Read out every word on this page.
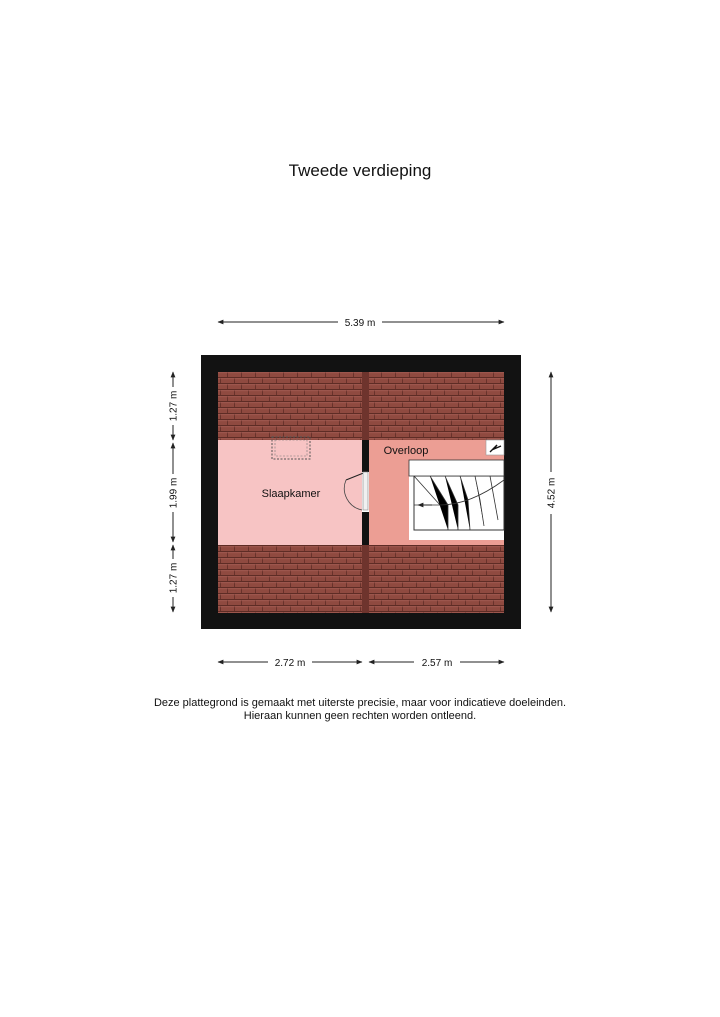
Tweede verdieping
Slaapkamer
Overloop
5.39 m
2.72 m	2.57 m
4.52 m
1.27 m
1.99 m
1.27 m
Deze plattegrond is gemaakt met uiterste precisie, maar voor indicatieve doeleinden.
Hieraan kunnen geen rechten worden ontleend.
